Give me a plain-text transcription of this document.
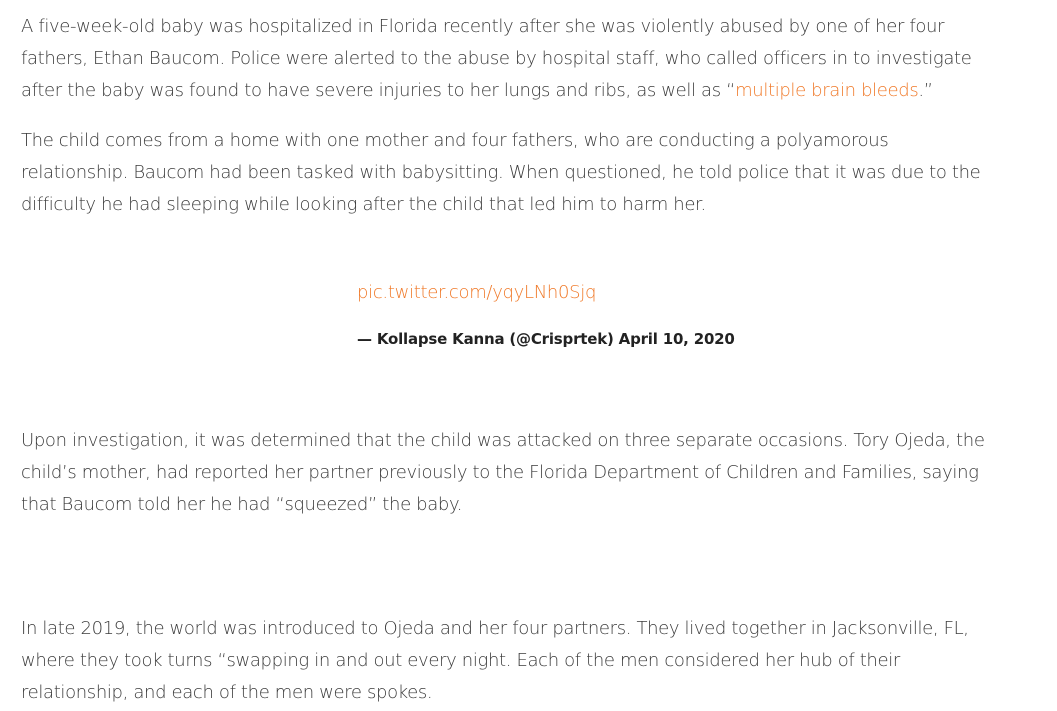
A five-week-old baby was hospitalized in Florida recently after she was violently abused by one of her four
fathers, Ethan Baucom. Police were alerted to the abuse by hospital staff, who called officers in to investigate
after the baby was found to have severe injuries to her lungs and ribs, as well as “multiple brain bleeds.”

The child comes from a home with one mother and four fathers, who are conducting a polyamorous
relationship. Baucom had been tasked with babysitting. When questioned, he told police that it was due to the
difficulty he had sleeping while looking after the child that led him to harm her.

pic.twitter.com/yqyLNh0Sjq
— Kollapse Kanna (@Crisprtek) April 10, 2020

Upon investigation, it was determined that the child was attacked on three separate occasions. Tory Ojeda, the
child’s mother, had reported her partner previously to the Florida Department of Children and Families, saying
that Baucom told her he had “squeezed” the baby.

In late 2019, the world was introduced to Ojeda and her four partners. They lived together in Jacksonville, FL,
where they took turns “swapping in and out every night. Each of the men considered her hub of their
relationship, and each of the men were spokes.
